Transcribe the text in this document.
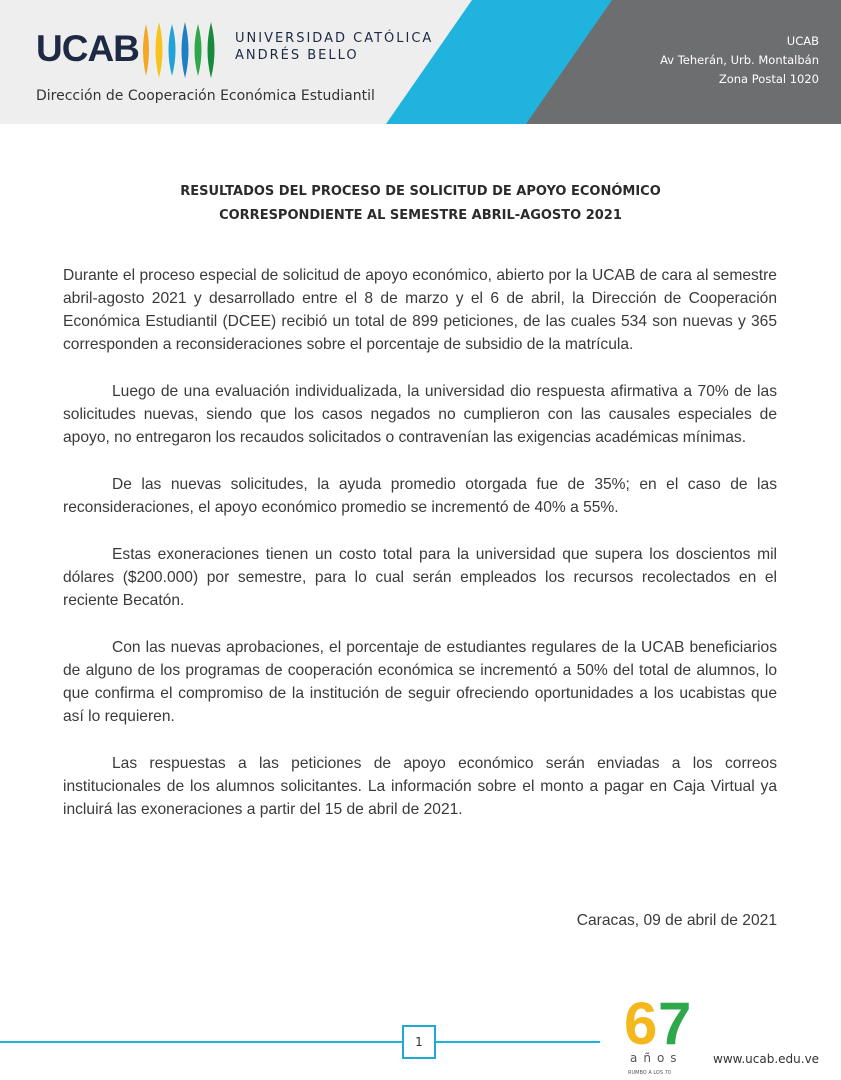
UCAB	UNIVERSIDAD CATÓLICA
ANDRÉS BELLO
Dirección de Cooperación Económica Estudiantil
UCAB
Av Teherán, Urb. Montalbán
Zona Postal 1020
RESULTADOS DEL PROCESO DE SOLICITUD DE APOYO ECONÓMICO
CORRESPONDIENTE AL SEMESTRE ABRIL-AGOSTO 2021

Durante el proceso especial de solicitud de apoyo económico, abierto por la UCAB de cara al semestre abril-agosto 2021 y desarrollado entre el 8 de marzo y el 6 de abril, la Dirección de Cooperación Económica Estudiantil (DCEE) recibió un total de 899 peticiones, de las cuales 534 son nuevas y 365 corresponden a reconsideraciones sobre el porcentaje de subsidio de la matrícula.

Luego de una evaluación individualizada, la universidad dio respuesta afirmativa a 70% de las solicitudes nuevas, siendo que los casos negados no cumplieron con las causales especiales de apoyo, no entregaron los recaudos solicitados o contravenían las exigencias académicas mínimas.

De las nuevas solicitudes, la ayuda promedio otorgada fue de 35%; en el caso de las reconsideraciones, el apoyo económico promedio se incrementó de 40% a 55%.

Estas exoneraciones tienen un costo total para la universidad que supera los doscientos mil dólares ($200.000) por semestre, para lo cual serán empleados los recursos recolectados en el reciente Becatón.

Con las nuevas aprobaciones, el porcentaje de estudiantes regulares de la UCAB beneficiarios de alguno de los programas de cooperación económica se incrementó a 50% del total de alumnos, lo que confirma el compromiso de la institución de seguir ofreciendo oportunidades a los ucabistas que así lo requieren.

Las respuestas a las peticiones de apoyo económico serán enviadas a los correos institucionales de los alumnos solicitantes. La información sobre el monto a pagar en Caja Virtual ya incluirá las exoneraciones a partir del 15 de abril de 2021.

Caracas, 09 de abril de 2021
1	6 7
años
RUMBO A LOS 70
www.ucab.edu.ve
